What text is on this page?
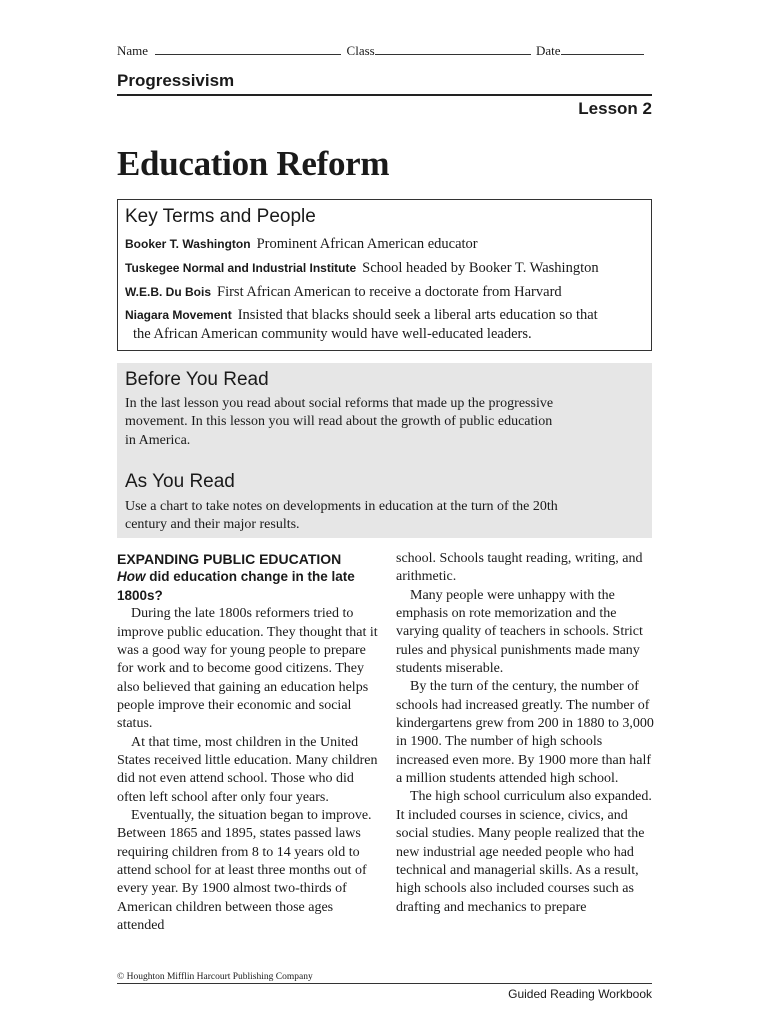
Name	Class	Date
Progressivism
Lesson 2
Education Reform
Key Terms and People
Booker T. Washington Prominent African American educator
Tuskegee Normal and Industrial Institute School headed by Booker T. Washington
W.E.B. Du Bois First African American to receive a doctorate from Harvard
Niagara Movement Insisted that blacks should seek a liberal arts education so that
the African American community would have well-educated leaders.
Before You Read

In the last lesson you read about social reforms that made up the progressive movement. In this lesson you will read about the growth of public education in America.

As You Read

Use a chart to take notes on developments in education at the turn of the 20th century and their major results.

EXPANDING PUBLIC EDUCATION
How did education change in the late 1800s?

During the late 1800s reformers tried to improve public education. They thought that it was a good way for young people to prepare for work and to become good citizens. They also believed that gaining an education helps people improve their economic and social status.

At that time, most children in the United States received little education. Many children did not even attend school. Those who did often left school after only four years.

Eventually, the situation began to improve. Between 1865 and 1895, states passed laws requiring children from 8 to 14 years old to attend school for at least three months out of every year. By 1900 almost two-thirds of American children between those ages attended

school. Schools taught reading, writing, and arithmetic.

Many people were unhappy with the emphasis on rote memorization and the varying quality of teachers in schools. Strict rules and physical punishments made many students miserable.

By the turn of the century, the number of schools had increased greatly. The number of kindergartens grew from 200 in 1880 to 3,000 in 1900. The number of high schools increased even more. By 1900 more than half a million students attended high school.

The high school curriculum also expanded. It included courses in science, civics, and social studies. Many people realized that the new industrial age needed people who had technical and managerial skills. As a result, high schools also included courses such as drafting and mechanics to prepare

© Houghton Mifflin Harcourt Publishing Company
Guided Reading Workbook
